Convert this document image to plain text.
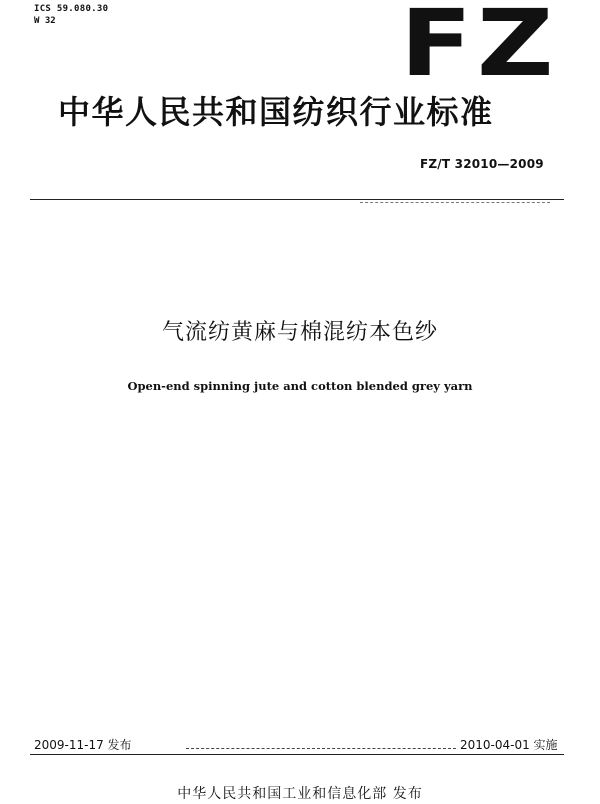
ICS 59.080.30
W 32	FZ
中华人民共和国纺织行业标准
FZ/T 32010—2009
气流纺黄麻与棉混纺本色纱
Open-end spinning jute and cotton blended grey yarn
2009-11-17 发布	2010-04-01 实施
中华人民共和国工业和信息化部 发布
